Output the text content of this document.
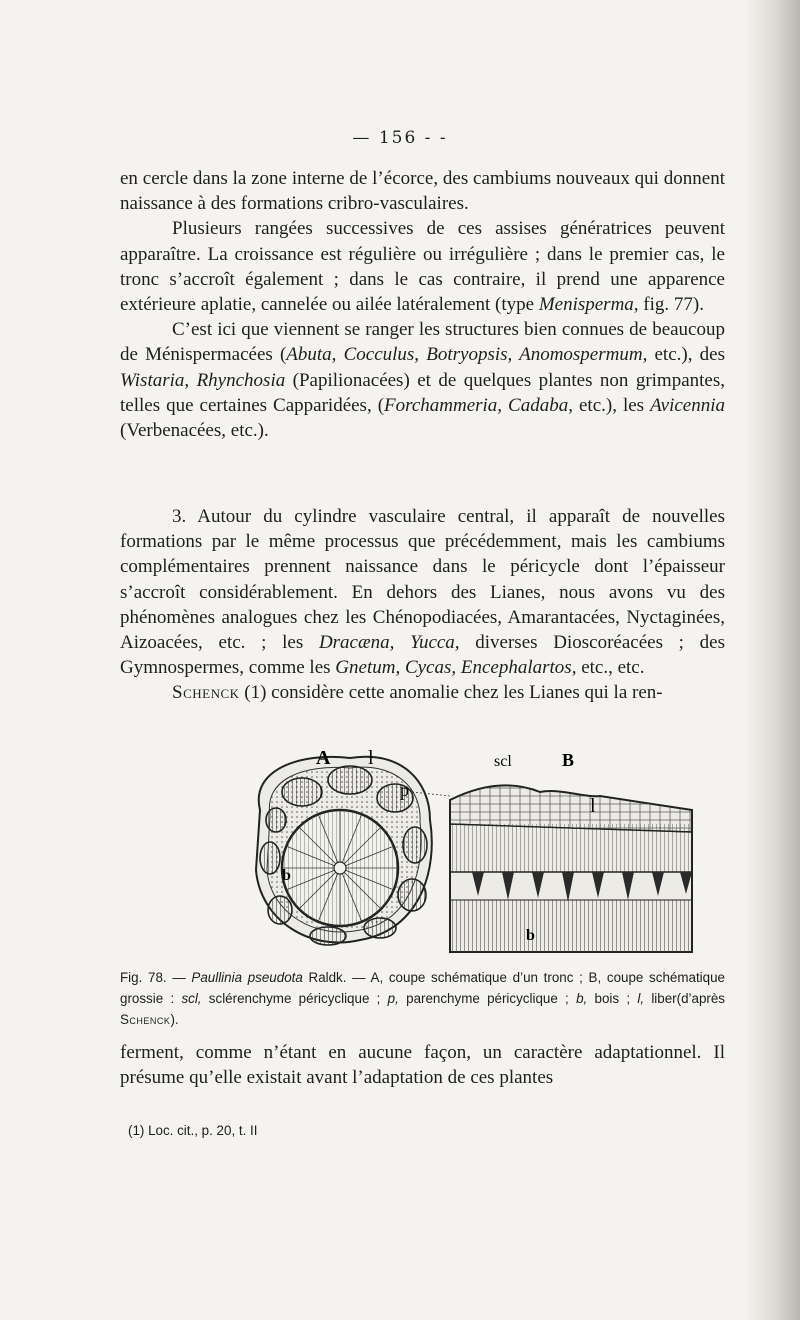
— 156 - -

en cercle dans la zone interne de l’écorce, des cambiums nouveaux qui donnent naissance à des formations cribro-vasculaires.

Plusieurs rangées successives de ces assises génératrices peuvent apparaître. La croissance est régulière ou irrégulière ; dans le premier cas, le tronc s’accroît également ; dans le cas contraire, il prend une apparence extérieure aplatie, cannelée ou ailée latéralement (type Menisperma, fig. 77).

C’est ici que viennent se ranger les structures bien connues de beaucoup de Ménispermacées (Abuta, Cocculus, Botryopsis, Anomospermum, etc.), des Wistaria, Rhynchosia (Papilionacées) et de quelques plantes non grimpantes, telles que certaines Capparidées, (Forchammeria, Cadaba, etc.), les Avicennia (Verbenacées, etc.).

3. Autour du cylindre vasculaire central, il apparaît de nouvelles formations par le même processus que précédemment, mais les cambiums complémentaires prennent naissance dans le péricycle dont l’épaisseur s’accroît considérablement. En dehors des Lianes, nous avons vu des phénomènes analogues chez les Chénopodiacées, Amarantacées, Nyctaginées, Aizoacées, etc. ; les Dracæna, Yucca, diverses Dioscoréacées ; des Gymnospermes, comme les Gnetum, Cycas, Encephalartos, etc., etc.

Schenck (1) considère cette anomalie chez les Lianes qui la ren-

A l	scl	B
p
l
b
b

Fig. 78. — Paullinia pseudota Raldk. — A, coupe schématique d’un tronc ; B, coupe schématique grossie : scl, sclérenchyme péricyclique ; p, parenchyme péricyclique ; b, bois ; l, liber(d’après Schenck).

ferment, comme n’étant en aucune façon, un caractère adaptationnel. Il présume qu’elle existait avant l’adaptation de ces plantes

(1) Loc. cit., p. 20, t. II
